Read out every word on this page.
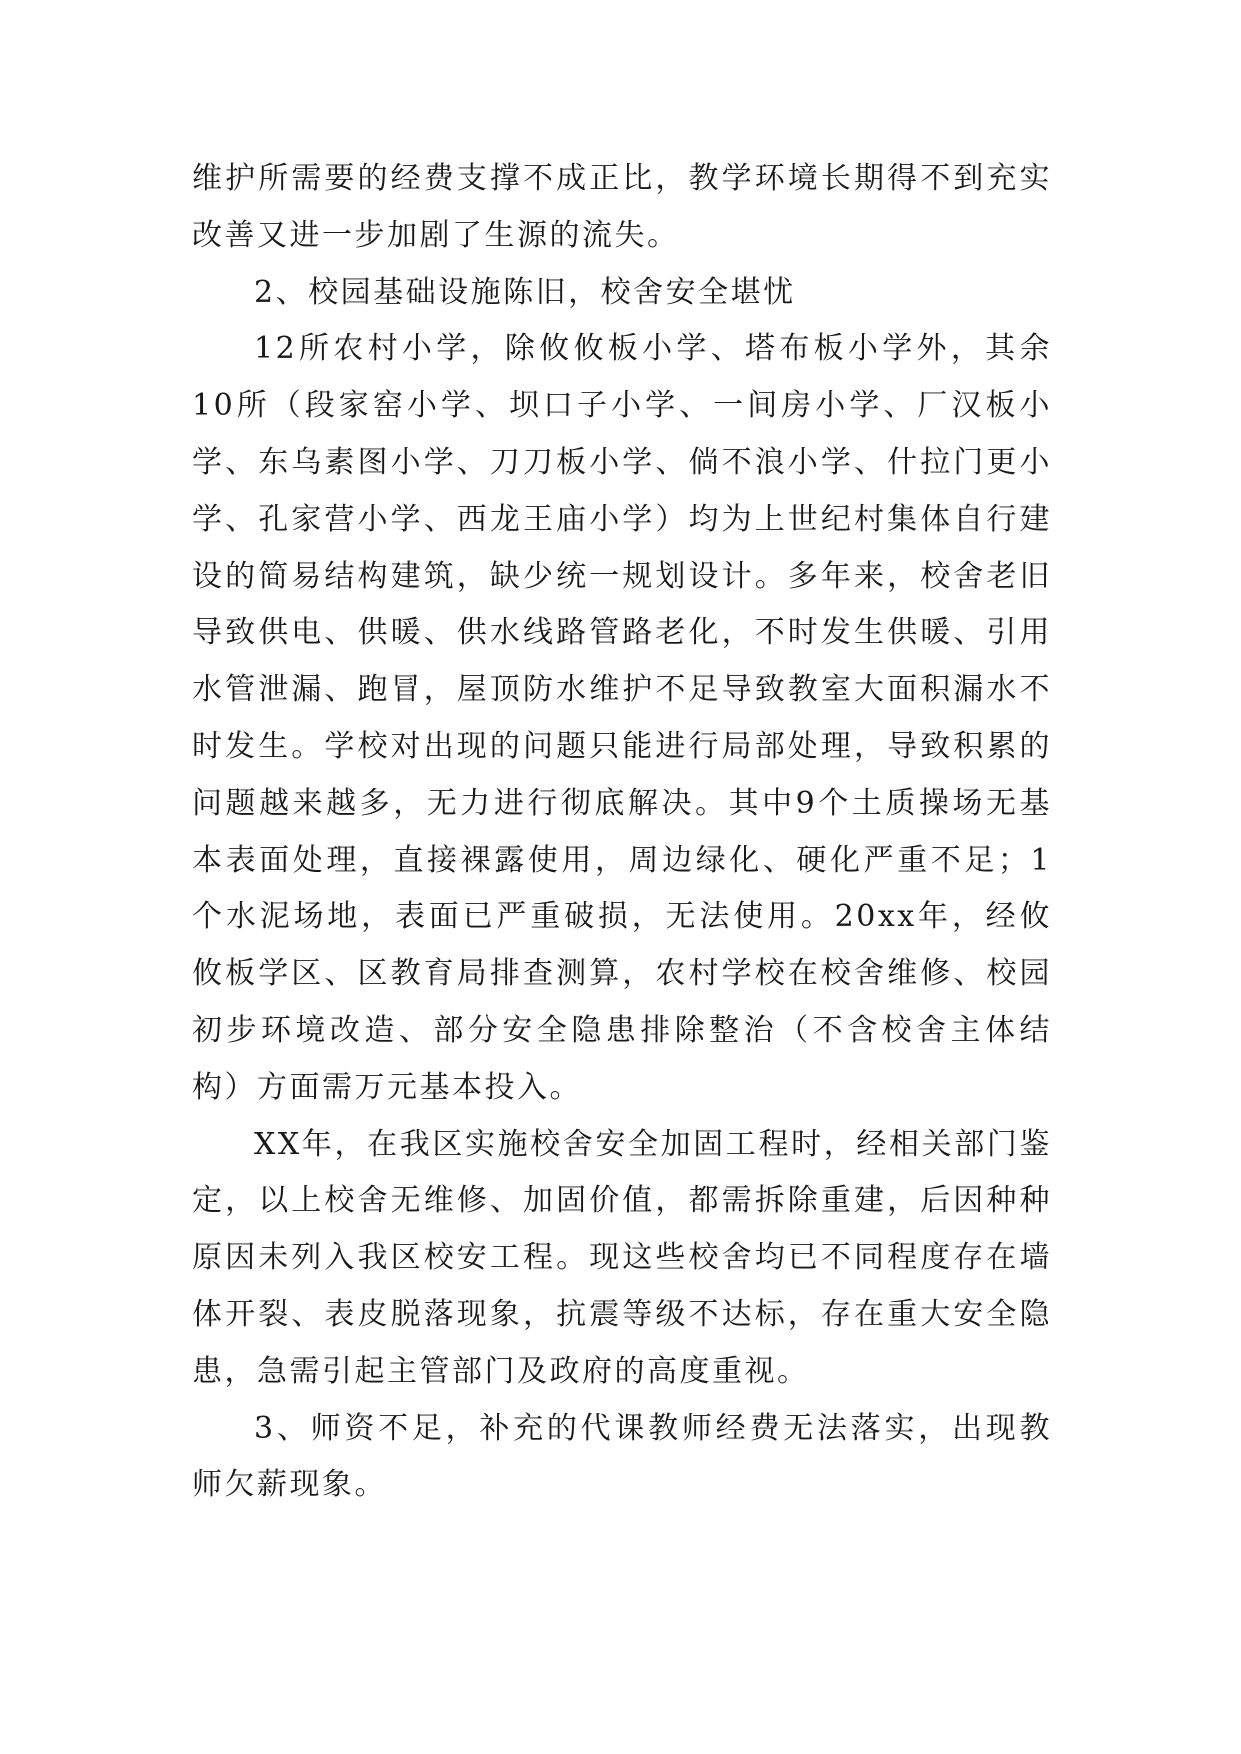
维护所需要的经费支撑不成正比，教学环境长期得不到充实改善又进一步加剧了生源的流失。

2、校园基础设施陈旧，校舍安全堪忧

12所农村小学，除攸攸板小学、塔布板小学外，其余10所（段家窑小学、坝口子小学、一间房小学、厂汉板小学、东乌素图小学、刀刀板小学、倘不浪小学、什拉门更小学、孔家营小学、西龙王庙小学）均为上世纪村集体自行建设的简易结构建筑，缺少统一规划设计。多年来，校舍老旧导致供电、供暖、供水线路管路老化，不时发生供暖、引用水管泄漏、跑冒，屋顶防水维护不足导致教室大面积漏水不时发生。学校对出现的问题只能进行局部处理，导致积累的问题越来越多，无力进行彻底解决。其中9个土质操场无基本表面处理，直接裸露使用，周边绿化、硬化严重不足；1个水泥场地，表面已严重破损，无法使用。20xx年，经攸攸板学区、区教育局排查测算，农村学校在校舍维修、校园初步环境改造、部分安全隐患排除整治（不含校舍主体结构）方面需万元基本投入。

XX年，在我区实施校舍安全加固工程时，经相关部门鉴定，以上校舍无维修、加固价值，都需拆除重建，后因种种原因未列入我区校安工程。现这些校舍均已不同程度存在墙体开裂、表皮脱落现象，抗震等级不达标，存在重大安全隐患，急需引起主管部门及政府的高度重视。

3、师资不足，补充的代课教师经费无法落实，出现教师欠薪现象。
